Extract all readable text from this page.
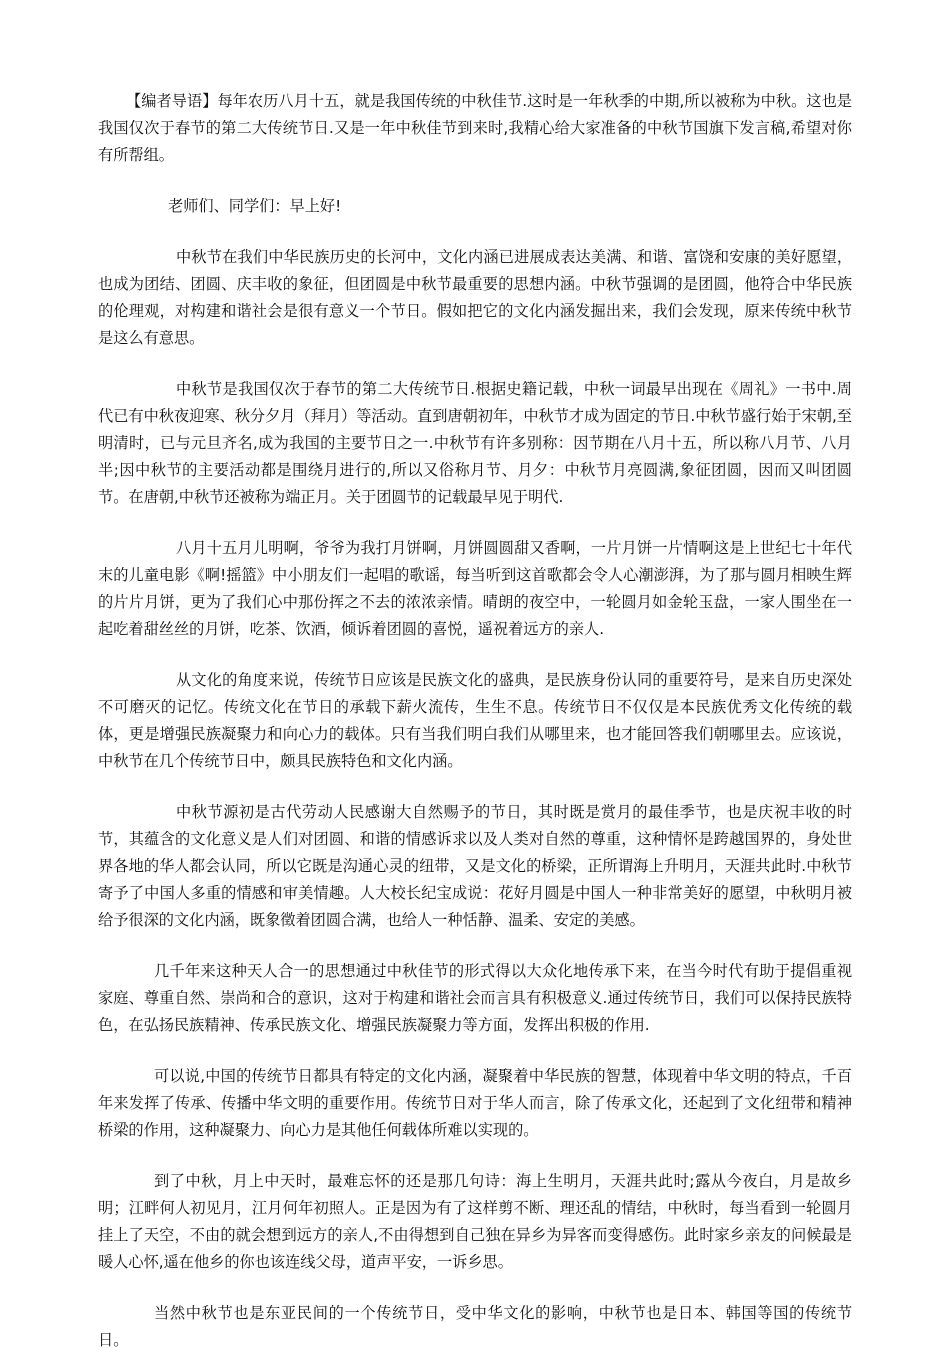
【编者导语】每年农历八月十五，就是我国传统的中秋佳节.这时是一年秋季的中期,所以被称为中秋。这也是我国仅次于春节的第二大传统节日.又是一年中秋佳节到来时,我精心给大家准备的中秋节国旗下发言稿,希望对你有所帮组。

老师们、同学们：早上好!

中秋节在我们中华民族历史的长河中，文化内涵已进展成表达美满、和谐、富饶和安康的美好愿望，也成为团结、团圆、庆丰收的象征，但团圆是中秋节最重要的思想内涵。中秋节强调的是团圆，他符合中华民族的伦理观，对构建和谐社会是很有意义一个节日。假如把它的文化内涵发掘出来，我们会发现，原来传统中秋节是这么有意思。

中秋节是我国仅次于春节的第二大传统节日.根据史籍记载，中秋一词最早出现在《周礼》一书中.周代已有中秋夜迎寒、秋分夕月（拜月）等活动。直到唐朝初年，中秋节才成为固定的节日.中秋节盛行始于宋朝,至明清时，已与元旦齐名,成为我国的主要节日之一.中秋节有许多别称：因节期在八月十五，所以称八月节、八月半;因中秋节的主要活动都是围绕月进行的,所以又俗称月节、月夕：中秋节月亮圆满,象征团圆，因而又叫团圆节。在唐朝,中秋节还被称为端正月。关于团圆节的记载最早见于明代.

八月十五月儿明啊，爷爷为我打月饼啊，月饼圆圆甜又香啊，一片月饼一片情啊这是上世纪七十年代末的儿童电影《啊!摇篮》中小朋友们一起唱的歌谣，每当听到这首歌都会令人心潮澎湃，为了那与圆月相映生辉的片片月饼，更为了我们心中那份挥之不去的浓浓亲情。晴朗的夜空中，一轮圆月如金轮玉盘，一家人围坐在一起吃着甜丝丝的月饼，吃茶、饮酒，倾诉着团圆的喜悦，遥祝着远方的亲人.

从文化的角度来说，传统节日应该是民族文化的盛典，是民族身份认同的重要符号，是来自历史深处不可磨灭的记忆。传统文化在节日的承载下薪火流传，生生不息。传统节日不仅仅是本民族优秀文化传统的载体，更是增强民族凝聚力和向心力的载体。只有当我们明白我们从哪里来，也才能回答我们朝哪里去。应该说，中秋节在几个传统节日中，颇具民族特色和文化内涵。

中秋节源初是古代劳动人民感谢大自然赐予的节日，其时既是赏月的最佳季节，也是庆祝丰收的时节，其蕴含的文化意义是人们对团圆、和谐的情感诉求以及人类对自然的尊重，这种情怀是跨越国界的，身处世界各地的华人都会认同，所以它既是沟通心灵的纽带，又是文化的桥梁，正所谓海上升明月，天涯共此时.中秋节寄予了中国人多重的情感和审美情趣。人大校长纪宝成说：花好月圆是中国人一种非常美好的愿望，中秋明月被给予很深的文化内涵，既象徵着团圆合满，也给人一种恬静、温柔、安定的美感。

几千年来这种天人合一的思想通过中秋佳节的形式得以大众化地传承下来，在当今时代有助于提倡重视家庭、尊重自然、崇尚和合的意识，这对于构建和谐社会而言具有积极意义.通过传统节日，我们可以保持民族特色，在弘扬民族精神、传承民族文化、增强民族凝聚力等方面，发挥出积极的作用.

可以说,中国的传统节日都具有特定的文化内涵，凝聚着中华民族的智慧，体现着中华文明的特点，千百年来发挥了传承、传播中华文明的重要作用。传统节日对于华人而言，除了传承文化，还起到了文化纽带和精神桥梁的作用，这种凝聚力、向心力是其他任何载体所难以实现的。

到了中秋，月上中天时，最难忘怀的还是那几句诗：海上生明月，天涯共此时;露从今夜白，月是故乡明；江畔何人初见月，江月何年初照人。正是因为有了这样剪不断、理还乱的情结，中秋时，每当看到一轮圆月挂上了天空，不由的就会想到远方的亲人,不由得想到自己独在异乡为异客而变得感伤。此时家乡亲友的问候最是暖人心怀,遥在他乡的你也该连线父母，道声平安，一诉乡思。

当然中秋节也是东亚民间的一个传统节日，受中华文化的影响，中秋节也是日本、韩国等国的传统节日。
